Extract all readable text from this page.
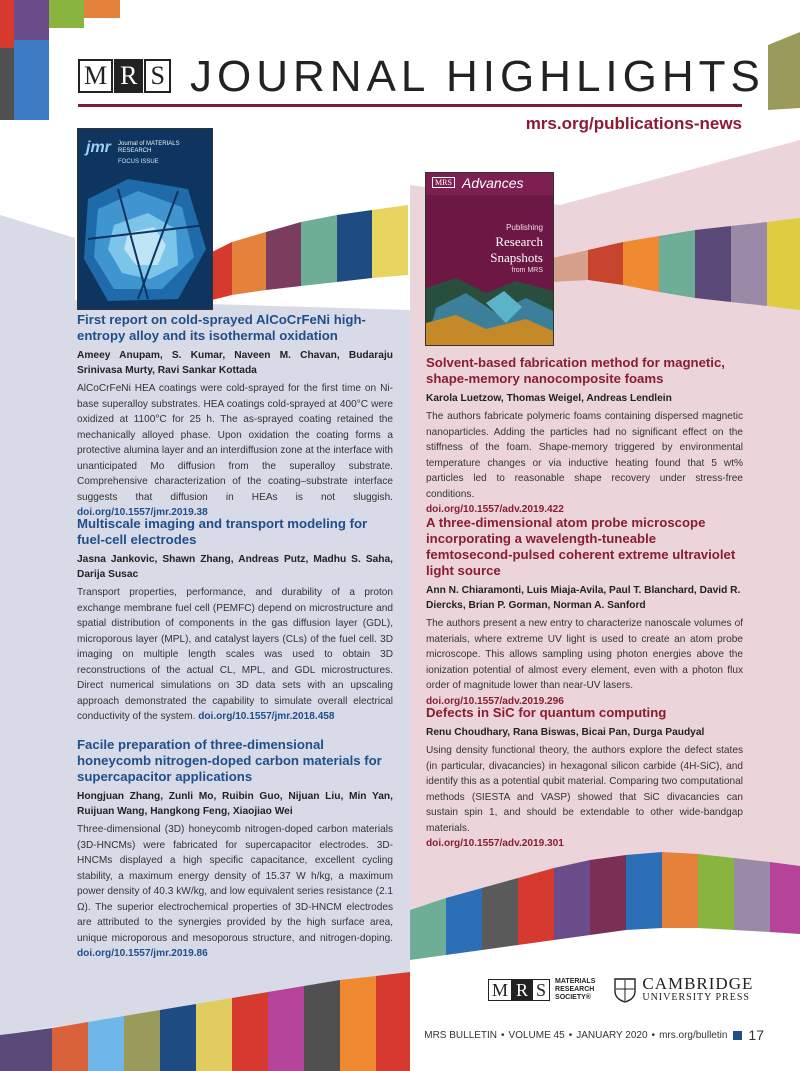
M R S JOURNAL HIGHLIGHTS
mrs.org/publications-news
jmr Journal of MATERIALS RESEARCH
FOCUS ISSUE
MRS Advances
Publishing
Research
Snapshots
from MRS
First report on cold-sprayed AlCoCrFeNi high-entropy alloy and its isothermal oxidation
Ameey Anupam, S. Kumar, Naveen M. Chavan, Budaraju Srinivasa Murty, Ravi Sankar Kottada

AlCoCrFeNi HEA coatings were cold-sprayed for the first time on Ni-base superalloy substrates. HEA coatings cold-sprayed at 400°C were oxidized at 1100°C for 25 h. The as-sprayed coating retained the mechanically alloyed phase. Upon oxidation the coating forms a protective alumina layer and an interdiffusion zone at the interface with unanticipated Mo diffusion from the superalloy substrate. Comprehensive characterization of the coating–substrate interface suggests that diffusion in HEAs is not sluggish. doi.org/10.1557/jmr.2019.38

Multiscale imaging and transport modeling for fuel-cell electrodes
Jasna Jankovic, Shawn Zhang, Andreas Putz, Madhu S. Saha, Darija Susac

Transport properties, performance, and durability of a proton exchange membrane fuel cell (PEMFC) depend on microstructure and spatial distribution of components in the gas diffusion layer (GDL), microporous layer (MPL), and catalyst layers (CLs) of the fuel cell. 3D imaging on multiple length scales was used to obtain 3D reconstructions of the actual CL, MPL, and GDL microstructures. Direct numerical simulations on 3D data sets with an upscaling approach demonstrated the capability to simulate overall electrical conductivity of the system. doi.org/10.1557/jmr.2018.458

Facile preparation of three-dimensional honeycomb nitrogen-doped carbon materials for supercapacitor applications
Hongjuan Zhang, Zunli Mo, Ruibin Guo, Nijuan Liu, Min Yan, Ruijuan Wang, Hangkong Feng, Xiaojiao Wei

Three-dimensional (3D) honeycomb nitrogen-doped carbon materials (3D-HNCMs) were fabricated for supercapacitor electrodes. 3D-HNCMs displayed a high specific capacitance, excellent cycling stability, a maximum energy density of 15.37 W h/kg, a maximum power density of 40.3 kW/kg, and low equivalent series resistance (2.1 Ω). The superior electrochemical properties of 3D-HNCM electrodes are attributed to the synergies provided by the high surface area, unique microporous and mesoporous structure, and nitrogen-doping. doi.org/10.1557/jmr.2019.86

Solvent-based fabrication method for magnetic, shape-memory nanocomposite foams
Karola Luetzow, Thomas Weigel, Andreas Lendlein

The authors fabricate polymeric foams containing dispersed magnetic nanoparticles. Adding the particles had no significant effect on the stiffness of the foam. Shape-memory triggered by environmental temperature changes or via inductive heating found that 5 wt% particles led to reasonable shape recovery under stress-free conditions.
doi.org/10.1557/adv.2019.422

A three-dimensional atom probe microscope incorporating a wavelength-tuneable femtosecond-pulsed coherent extreme ultraviolet light source
Ann N. Chiaramonti, Luis Miaja-Avila, Paul T. Blanchard, David R. Diercks, Brian P. Gorman, Norman A. Sanford

The authors present a new entry to characterize nanoscale volumes of materials, where extreme UV light is used to create an atom probe microscope. This allows sampling using photon energies above the ionization potential of almost every element, even with a photon flux order of magnitude lower than near-UV lasers.
doi.org/10.1557/adv.2019.296

Defects in SiC for quantum computing
Renu Choudhary, Rana Biswas, Bicai Pan, Durga Paudyal

Using density functional theory, the authors explore the defect states (in particular, divacancies) in hexagonal silicon carbide (4H-SiC), and identify this as a potential qubit material. Comparing two computational methods (SIESTA and VASP) showed that SiC divacancies can sustain spin 1, and should be extendable to other wide-bandgap materials.
doi.org/10.1557/adv.2019.301

M R S	MATERIALS
RESEARCH
SOCIETY®
CAMBRIDGE
UNIVERSITY PRESS
MRS BULLETIN • VOLUME 45 • JANUARY 2020 • mrs.org/bulletin 17
